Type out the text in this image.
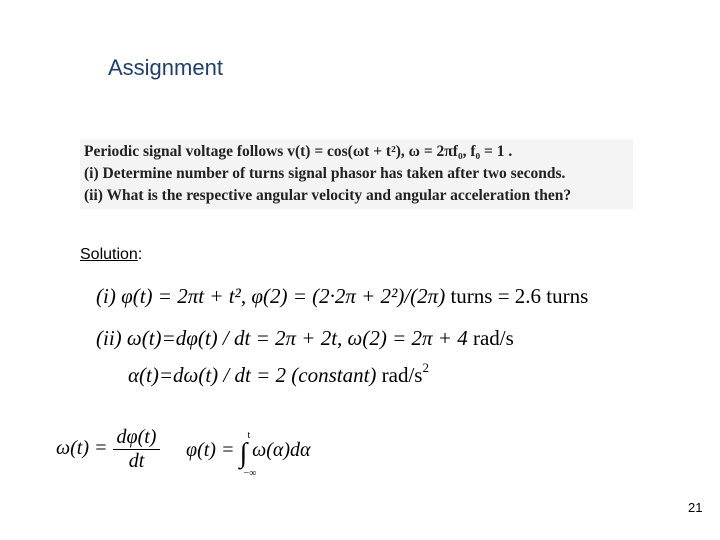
Assignment
Periodic signal voltage follows v(t) = cos(ωt + t²), ω = 2πf₀, f₀ = 1 .
(i) Determine number of turns signal phasor has taken after two seconds.
(ii) What is the respective angular velocity and angular acceleration then?
Solution:
(i) φ(t) = 2πt + t², φ(2) = (2·2π + 2²)/(2π) turns = 2.6 turns
(ii) ω(t)=dφ(t) / dt = 2π + 2t, ω(2) = 2π + 4 rad/s
α(t)=dω(t) / dt = 2 (constant) rad/$s^2$
$\omega(t) = \frac{d\varphi(t)}{dt} \varphi(t)$ = ∫
t
−∞
ω(α)dα
21
